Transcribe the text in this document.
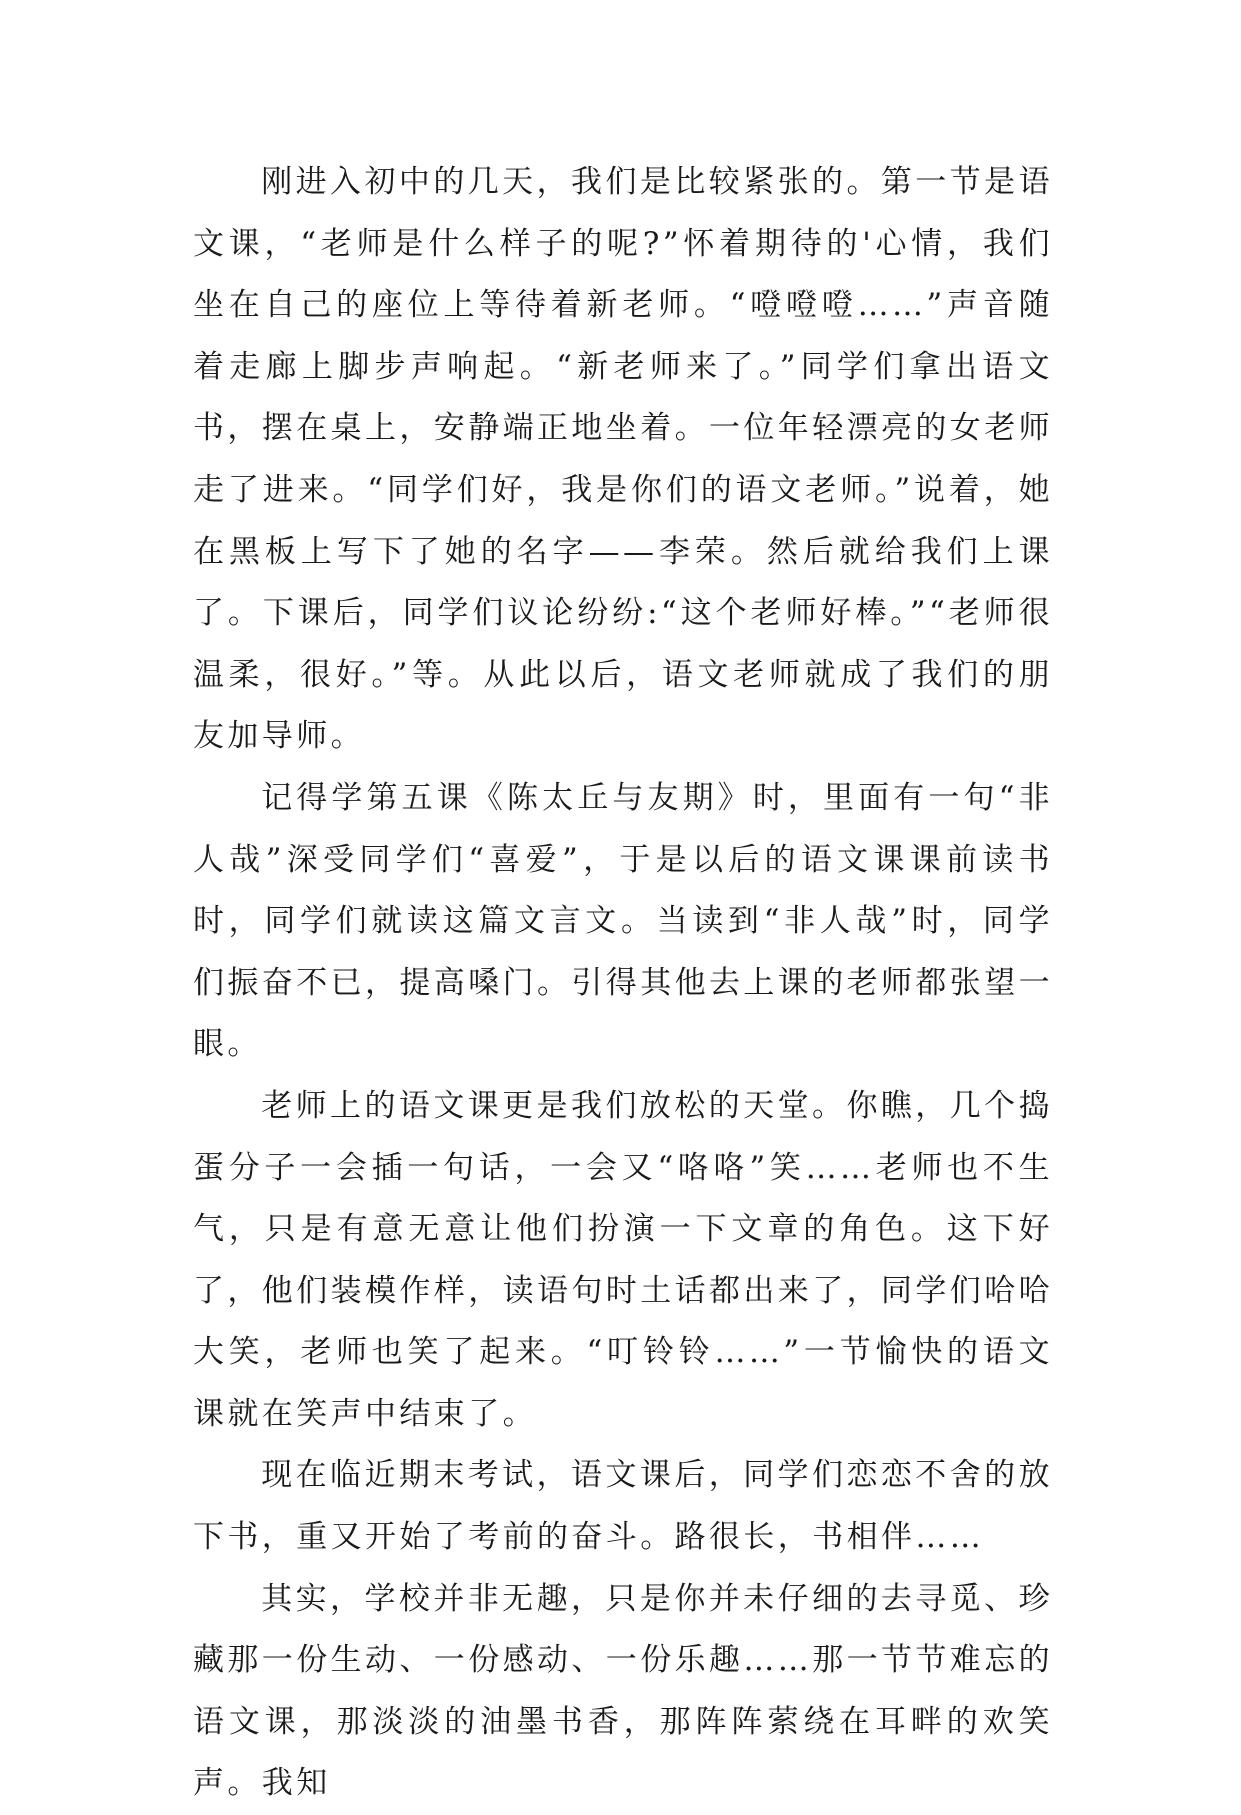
刚进入初中的几天，我们是比较紧张的。第一节是语文课，“老师是什么样子的呢?”怀着期待的'心情，我们坐在自己的座位上等待着新老师。“噔噔噔……”声音随着走廊上脚步声响起。“新老师来了。”同学们拿出语文书，摆在桌上，安静端正地坐着。一位年轻漂亮的女老师走了进来。“同学们好，我是你们的语文老师。”说着，她在黑板上写下了她的名字——李荣。然后就给我们上课了。下课后，同学们议论纷纷:“这个老师好棒。”“老师很温柔，很好。”等。从此以后，语文老师就成了我们的朋友加导师。

记得学第五课《陈太丘与友期》时，里面有一句“非人哉”深受同学们“喜爱”，于是以后的语文课课前读书时，同学们就读这篇文言文。当读到“非人哉”时，同学们振奋不已，提高嗓门。引得其他去上课的老师都张望一眼。

老师上的语文课更是我们放松的天堂。你瞧，几个捣蛋分子一会插一句话，一会又“咯咯”笑……老师也不生气，只是有意无意让他们扮演一下文章的角色。这下好了，他们装模作样，读语句时土话都出来了，同学们哈哈大笑，老师也笑了起来。“叮铃铃……”一节愉快的语文课就在笑声中结束了。

现在临近期末考试，语文课后，同学们恋恋不舍的放下书，重又开始了考前的奋斗。路很长，书相伴……

其实，学校并非无趣，只是你并未仔细的去寻觅、珍藏那一份生动、一份感动、一份乐趣……那一节节难忘的语文课，那淡淡的油墨书香，那阵阵萦绕在耳畔的欢笑声。我知
